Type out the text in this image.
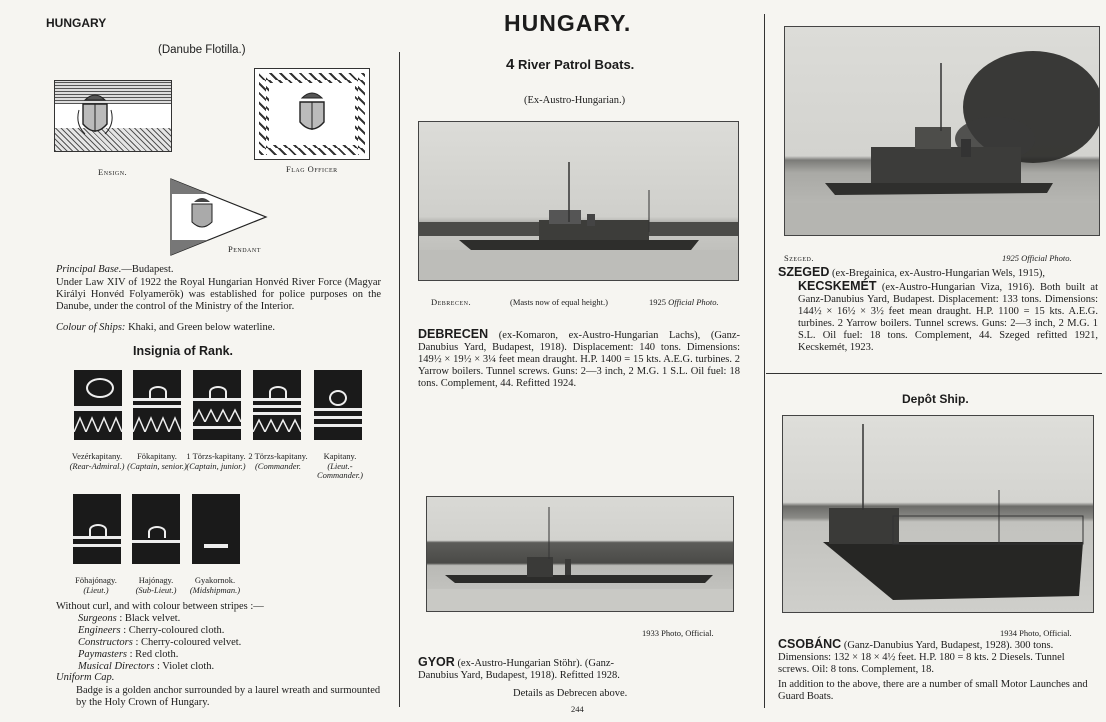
HUNGARY
(Danube Flotilla.)
Ensign.	Flag Officer
Pendant
Principal Base.—Budapest.
Under Law XIV of 1922 the Royal Hungarian Honvéd River Force (Magyar Királyi Honvéd Folyamerök) was established for police purposes on the Danube, under the control of the Ministry of the Interior.
Colour of Ships: Khaki, and Green below waterline.
Insignia of Rank.
Vezérkapitany.
(Rear-Admiral.)
Fökapitany.
(Captain, senior.)
1 Törzs-kapitany.
(Captain, junior.)
2 Törzs-kapitany.
(Commander.
Kapitany.
(Lieut.-Commander.)
Föhajónagy.
(Lieut.)
Hajónagy.
(Sub-Lieut.)
Gyakornok.
(Midshipman.)
Without curl, and with colour between stripes :—
Surgeons : Black velvet.
Engineers : Cherry-coloured cloth.
Constructors : Cherry-coloured velvet.
Paymasters : Red cloth.
Musical Directors : Violet cloth.
Uniform Cap.
Badge is a golden anchor surrounded by a laurel wreath and surmounted by the Holy Crown of Hungary.
HUNGARY.
4 River Patrol Boats.
(Ex-Austro-Hungarian.)
Debrecen.	(Masts now of equal height.)	1925 Official Photo.
DEBRECEN (ex-Komaron, ex-Austro-Hungarian Lachs), (Ganz-Danubius Yard, Budapest, 1918). Displacement: 140 tons. Dimensions: 149½ × 19½ × 3¼ feet mean draught. H.P. 1400 = 15 kts. A.E.G. turbines. 2 Yarrow boilers. Tunnel screws. Guns: 2—3 inch, 2 M.G. 1 S.L. Oil fuel: 18 tons. Complement, 44. Refitted 1924.
1933 Photo, Official.
GYOR (ex-Austro-Hungarian Stöhr). (Ganz-Danubius Yard, Budapest, 1918). Refitted 1928.
Details as Debrecen above.
244
Szeged.	1925 Official Photo.
SZEGED (ex-Bregainica, ex-Austro-Hungarian Wels, 1915),
KECSKEMÉT (ex-Austro-Hungarian Viza, 1916). Both built at Ganz-Danubius Yard, Budapest. Displacement: 133 tons. Dimensions: 144½ × 16½ × 3½ feet mean draught. H.P. 1100 = 15 kts. A.E.G. turbines. 2 Yarrow boilers. Tunnel screws. Guns: 2—3 inch, 2 M.G. 1 S.L. Oil fuel: 18 tons. Complement, 44. Szeged refitted 1921, Kecskemét, 1923.
Depôt Ship.
1934 Photo, Official.
CSOBÁNC (Ganz-Danubius Yard, Budapest, 1928). 300 tons. Dimensions: 132 × 18 × 4½ feet. H.P. 180 = 8 kts. 2 Diesels. Tunnel screws. Oil: 8 tons. Complement, 18.
In addition to the above, there are a number of small Motor Launches and Guard Boats.
